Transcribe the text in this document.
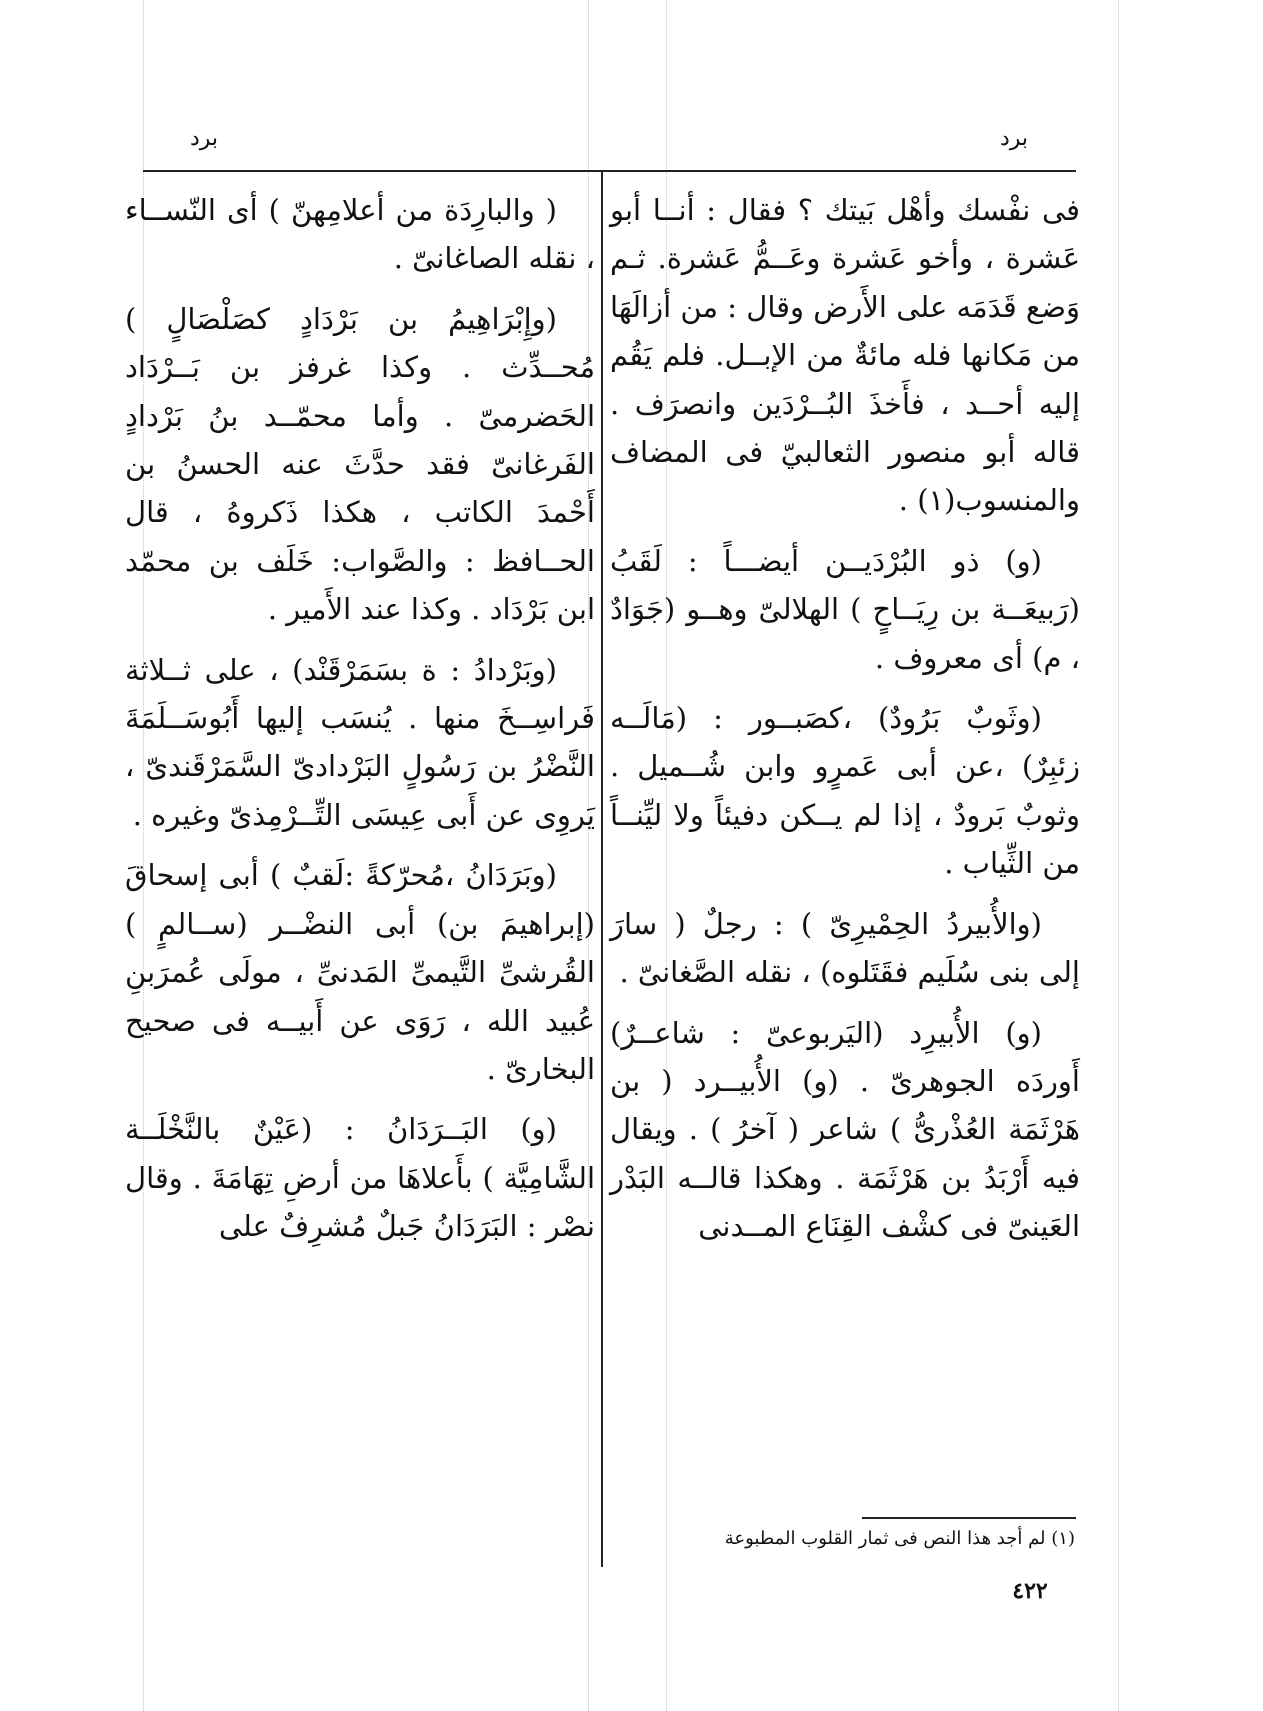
برد
برد

فى نفْسك وأهْل بَيتك ؟ فقال : أنــا أبو عَشرة ، وأخو عَشرة وعَــمُّ عَشرة. ثـم وَضع قَدَمَه على الأَرض وقال : من أزالَهَا من مَكانها فله مائةٌ من الإبــل. فلم يَقُم إليه أحــد ، فأَخذَ البُــرْدَين وانصرَف . قاله أبو منصور الثعالبيّ فى المضاف والمنسوب(١) .

(و) ذو البُرْدَيــن أيضـــاً : لَقَبُ (رَبيعَــة بن رِيَــاحٍ ) الهلالىّ وهــو (جَوَادٌ ، م) أى معروف .

(وثَوبٌ بَرُودٌ) ،كصَبــور : (مَالَــه زئبِرٌ) ،عن أبى عَمرٍو وابن شُــميل . وثوبٌ بَرودٌ ، إذا لم يــكن دفيئاً ولا ليِّنــاً من الثِّياب .

(والأُبيردُ الحِمْيرِىّ ) : رجلٌ ( سارَ إلى بنى سُلَيم فقَتَلوه) ، نقله الصَّغانىّ .

(و) الأُبيرِد (اليَربوعىّ : شاعــرٌ) أَوردَه الجوهرىّ . (و) الأُبيــرد ( بن هَرْثَمَة العُذْرىُّ ) شاعر ( آخرُ ) . ويقال فيه أَرْبَدُ بن هَرْثَمَة . وهكذا قالــه البَدْر العَينىّ فى كشْف القِنَاع المــدنى

( والبارِدَة من أعلامِهنّ ) أى النّســاء ، نقله الصاغانىّ .

(وإِبْرَاهِيمُ بن بَرْدَادٍ كصَلْصَالٍ ) مُحــدِّث . وكذا غرفز بن بَــرْدَاد الحَضرمىّ . وأما محمّــد بنُ بَرْدادٍ الفَرغانىّ فقد حدَّثَ عنه الحسنُ بن أَحْمدَ الكاتب ، هكذا ذَكروهُ ، قال الحــافظ : والصَّواب: خَلَف بن محمّد ابن بَرْدَاد . وكذا عند الأَمير .

(وبَرْدادُ : ة بسَمَرْقَنْد) ، على ثــلاثة فَراسِــخَ منها . يُنسَب إليها أَبُوسَــلَمَةَ النَّضْرُ بن رَسُولٍ البَرْدادىّ السَّمَرْقَندىّ ، يَروِى عن أَبى عِيسَى التِّــرْمِذىّ وغيره .

(وبَرَدَانُ ،مُحرّكةً :لَقبٌ ) أبى إسحاقَ (إبراهيمَ بن) أبى النضْــر (ســالمٍ ) القُرشىِّ التَّيمىِّ المَدنىِّ ، مولَى عُمرَبنِ عُبيد الله ، رَوَى عن أَبيــه فى صحيح البخارىّ .

(و) البَــرَدَانُ : (عَيْنٌ بالنَّخْلَــة الشَّامِيَّة ) بأَعلاهَا من أرضِ تِهَامَةَ . وقال نصْر : البَرَدَانُ جَبلٌ مُشرِفٌ على

(١) لم أجد هذا النص فى ثمار القلوب المطبوعة
٤٢٢
